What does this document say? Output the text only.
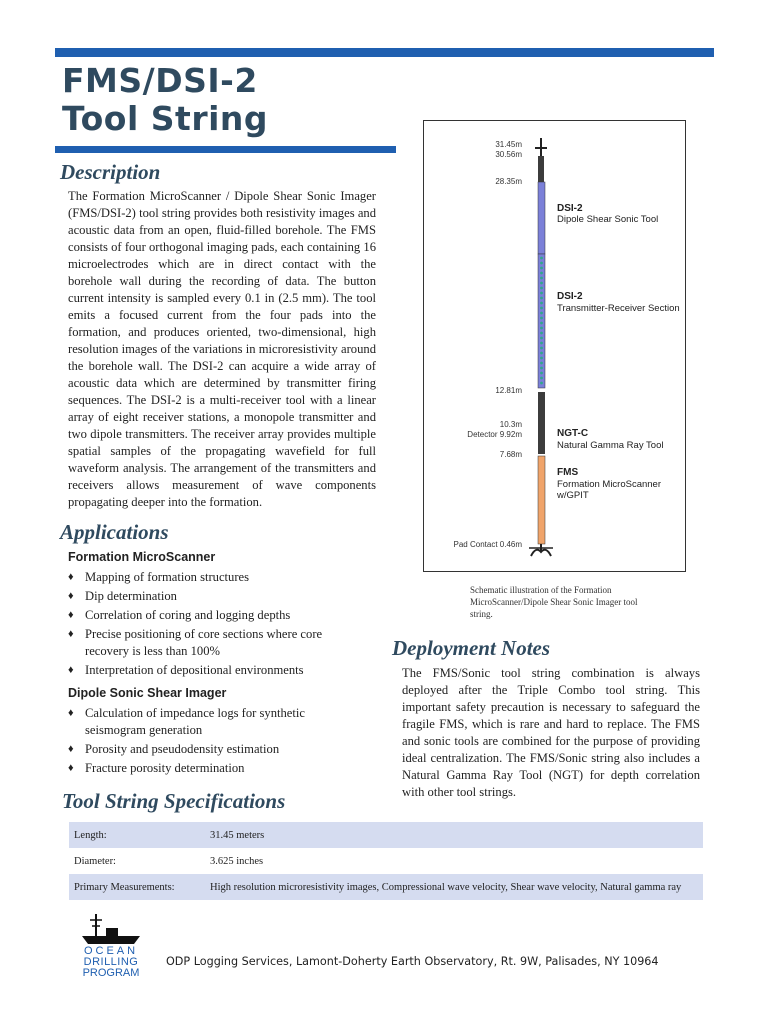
FMS/DSI-2
Tool String
Description
The Formation MicroScanner / Dipole Shear Sonic Imager (FMS/DSI-2) tool string provides both resistivity images and acoustic data from an open, fluid-filled borehole. The FMS consists of four orthogonal imaging pads, each containing 16 microelectrodes which are in direct contact with the borehole wall during the recording of data. The button current intensity is sampled every 0.1 in (2.5 mm). The tool emits a focused current from the four pads into the formation, and produces oriented, two-dimensional, high resolution images of the variations in microresistivity around the borehole wall. The DSI-2 can acquire a wide array of acoustic data which are determined by transmitter firing sequences. The DSI-2 is a multi-receiver tool with a linear array of eight receiver stations, a monopole transmitter and two dipole transmitters. The receiver array provides multiple spatial samples of the propagating wavefield for full waveform analysis. The arrangement of the transmitters and receivers allows measurement of wave components propagating deeper into the formation.
Applications
Formation MicroScanner
♦ Mapping of formation structures
♦ Dip determination
♦ Correlation of coring and logging depths
♦ Precise positioning of core sections where core recovery is less than 100%
♦ Interpretation of depositional environments
Dipole Sonic Shear Imager
♦ Calculation of impedance logs for synthetic seismogram generation
♦ Porosity and pseudodensity estimation
♦ Fracture porosity determination
Tool String Specifications
31.45m
30.56m
28.35m
12.81m
10.3m
Detector 9.92m
7.68m
Pad Contact 0.46m
DSI-2
Dipole Shear Sonic Tool
DSI-2
Transmitter-Receiver Section
NGT-C
Natural Gamma Ray Tool
FMS
Formation MicroScanner
w/GPIT
Schematic illustration of the Formation MicroScanner/Dipole Shear Sonic Imager tool string.
Deployment Notes
The FMS/Sonic tool string combination is always deployed after the Triple Combo tool string. This important safety precaution is necessary to safeguard the fragile FMS, which is rare and hard to replace. The FMS and sonic tools are combined for the purpose of providing ideal centralization. The FMS/Sonic string also includes a Natural Gamma Ray Tool (NGT) for depth correlation with other tool strings.
Length:	31.45 meters
Diameter:	3.625 inches
Primary Measurements:	High resolution microresistivity images, Compressional wave velocity, Shear wave velocity, Natural gamma ray
OCEAN
DRILLING
PROGRAM
ODP Logging Services, Lamont-Doherty Earth Observatory, Rt. 9W, Palisades, NY 10964
